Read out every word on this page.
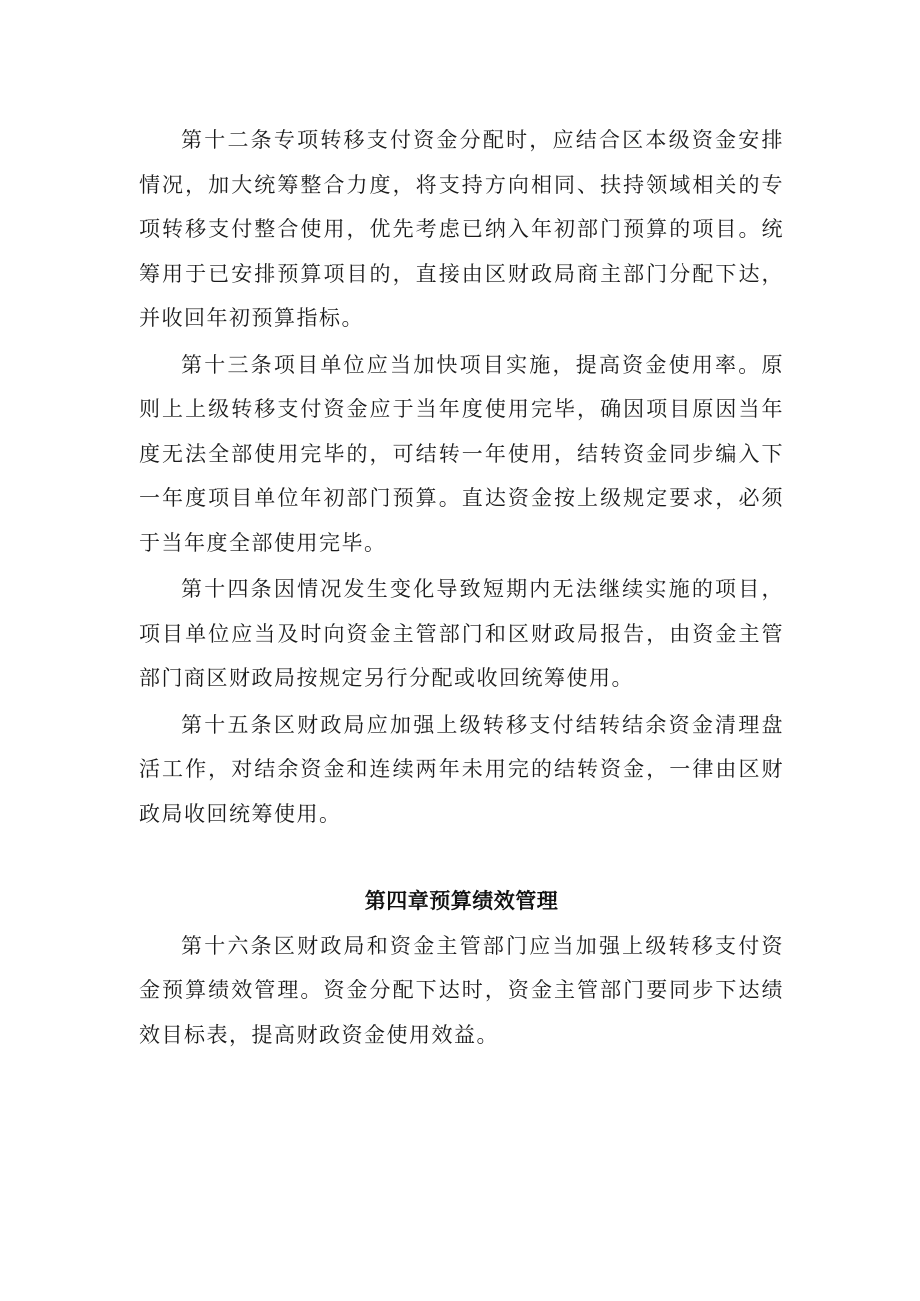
第十二条专项转移支付资金分配时，应结合区本级资金安排情况，加大统筹整合力度，将支持方向相同、扶持领域相关的专项转移支付整合使用，优先考虑已纳入年初部门预算的项目。统筹用于已安排预算项目的，直接由区财政局商主部门分配下达，并收回年初预算指标。

第十三条项目单位应当加快项目实施，提高资金使用率。原则上上级转移支付资金应于当年度使用完毕，确因项目原因当年度无法全部使用完毕的，可结转一年使用，结转资金同步编入下一年度项目单位年初部门预算。直达资金按上级规定要求，必须于当年度全部使用完毕。

第十四条因情况发生变化导致短期内无法继续实施的项目，项目单位应当及时向资金主管部门和区财政局报告，由资金主管部门商区财政局按规定另行分配或收回统筹使用。

第十五条区财政局应加强上级转移支付结转结余资金清理盘活工作，对结余资金和连续两年未用完的结转资金，一律由区财政局收回统筹使用。

第四章预算绩效管理

第十六条区财政局和资金主管部门应当加强上级转移支付资金预算绩效管理。资金分配下达时，资金主管部门要同步下达绩效目标表，提高财政资金使用效益。
